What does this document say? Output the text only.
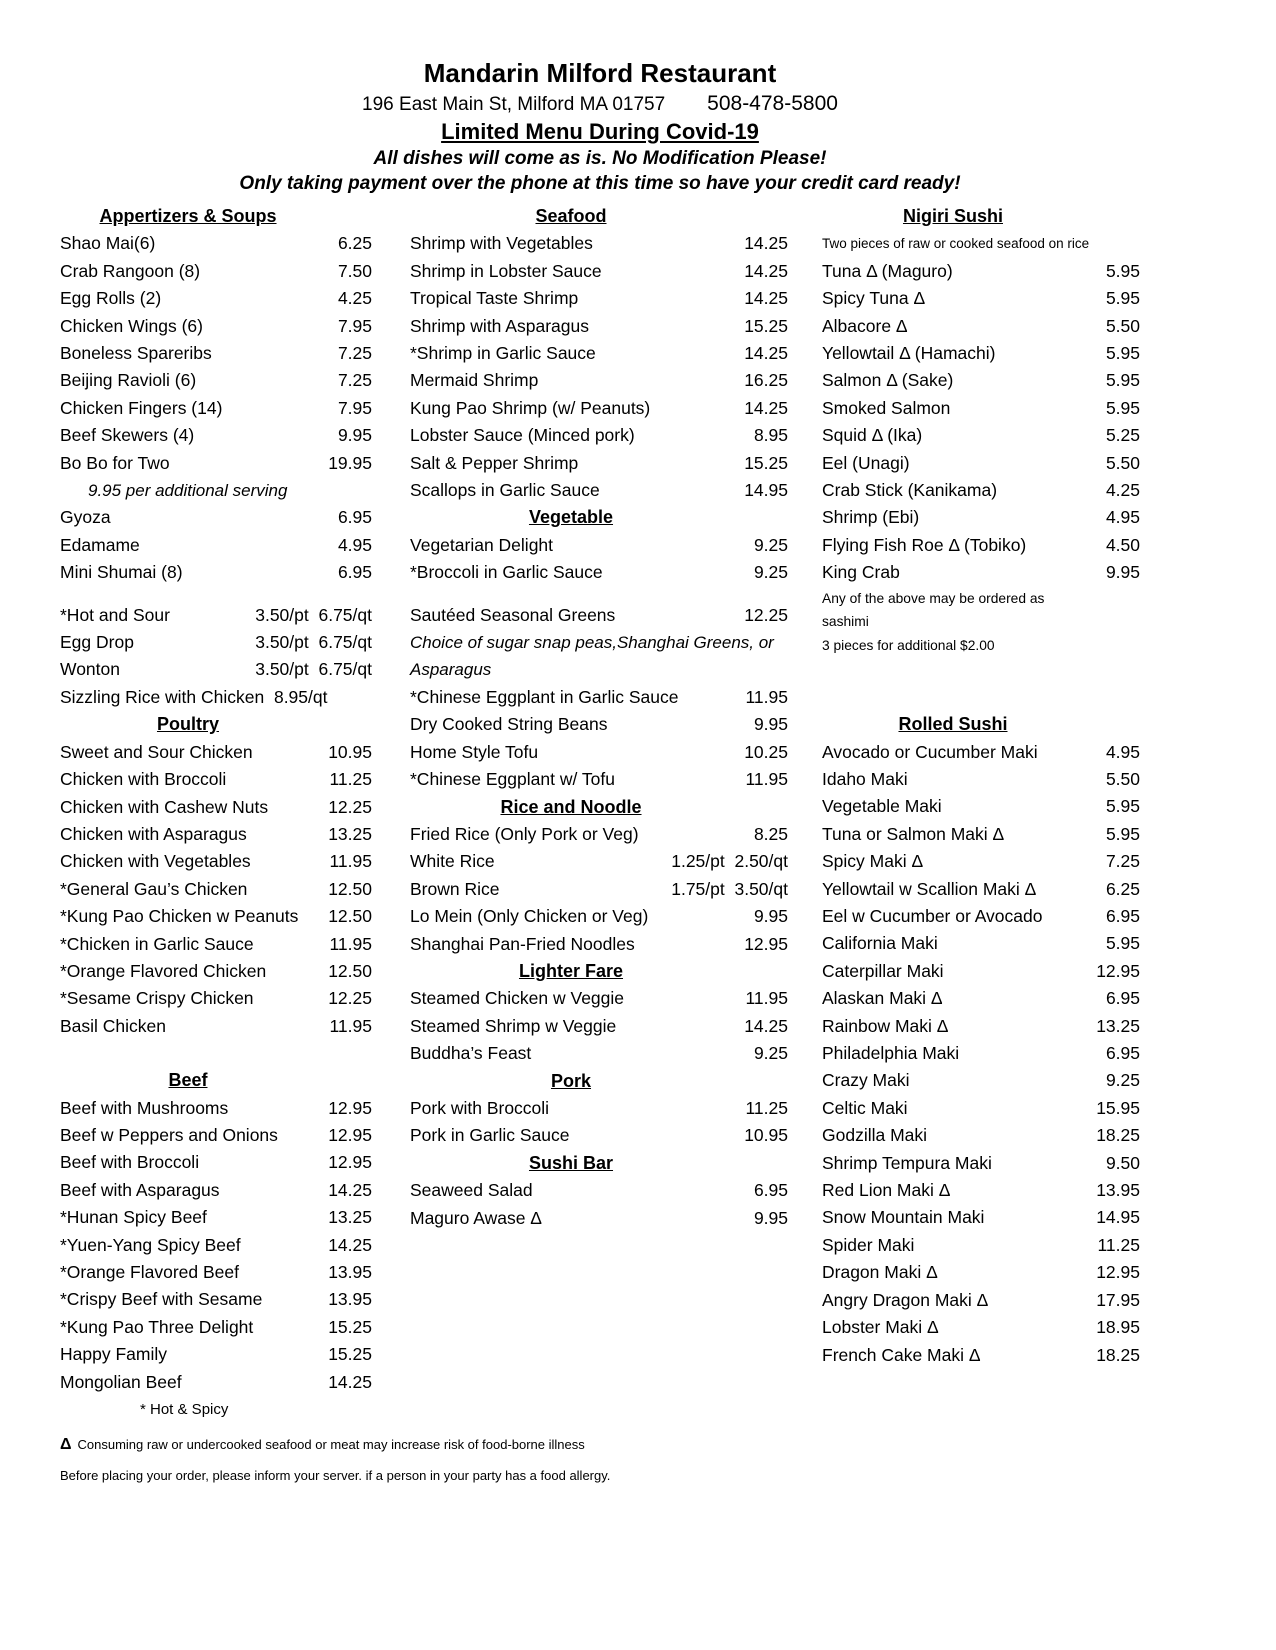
Mandarin Milford Restaurant
196 East Main St, Milford MA 01757 508-478-5800
Limited Menu During Covid-19
All dishes will come as is. No Modification Please!
Only taking payment over the phone at this time so have your credit card ready!
Appertizers & Soups
Shao Mai(6)	6.25
Crab Rangoon (8)	7.50
Egg Rolls (2)	4.25
Chicken Wings (6)	7.95
Boneless Spareribs	7.25
Beijing Ravioli (6)	7.25
Chicken Fingers (14)	7.95
Beef Skewers (4)	9.95
Bo Bo for Two	19.95
9.95 per additional serving
Gyoza	6.95
Edamame	4.95
Mini Shumai (8)	6.95
*Hot and Sour	3.50/pt  6.75/qt
Egg Drop	3.50/pt  6.75/qt
Wonton	3.50/pt  6.75/qt
Sizzling Rice with Chicken  8.95/qt
Poultry
Sweet and Sour Chicken	10.95
Chicken with Broccoli	11.25
Chicken with Cashew Nuts	12.25
Chicken with Asparagus	13.25
Chicken with Vegetables	11.95
*General Gau’s Chicken	12.50
*Kung Pao Chicken w Peanuts 12.50
*Chicken in Garlic Sauce	11.95
*Orange Flavored Chicken	12.50
*Sesame Crispy Chicken	12.25
Basil Chicken	11.95
Beef
Beef with Mushrooms	12.95
Beef w Peppers and Onions	12.95
Beef with Broccoli	12.95
Beef with Asparagus	14.25
*Hunan Spicy Beef	13.25
*Yuen-Yang Spicy Beef	14.25
*Orange Flavored Beef	13.95
*Crispy Beef with Sesame	13.95
*Kung Pao Three Delight	15.25
Happy Family	15.25
Mongolian Beef	14.25
* Hot & Spicy
Seafood
Shrimp with Vegetables	14.25
Shrimp in Lobster Sauce	14.25
Tropical Taste Shrimp	14.25
Shrimp with Asparagus	15.25
*Shrimp in Garlic Sauce	14.25
Mermaid Shrimp	16.25
Kung Pao Shrimp (w/ Peanuts)	14.25
Lobster Sauce (Minced pork)	8.95
Salt & Pepper Shrimp	15.25
Scallops in Garlic Sauce	14.95
Vegetable
Vegetarian Delight	9.25
*Broccoli in Garlic Sauce	9.25
Sautéed Seasonal Greens	12.25
Choice of sugar snap peas,Shanghai Greens, or Asparagus
*Chinese Eggplant in Garlic Sauce	11.95
Dry Cooked String Beans	9.95
Home Style Tofu	10.25
*Chinese Eggplant w/ Tofu	11.95
Rice and Noodle
Fried Rice (Only Pork or Veg)	8.25
White Rice	1.25/pt  2.50/qt
Brown Rice	1.75/pt  3.50/qt
Lo Mein (Only Chicken or Veg)	9.95
Shanghai Pan-Fried Noodles	12.95
Lighter Fare
Steamed Chicken w Veggie	11.95
Steamed Shrimp w Veggie	14.25
Buddha’s Feast	9.25
Pork
Pork with Broccoli	11.25
Pork in Garlic Sauce	10.95
Sushi Bar
Seaweed Salad	6.95
Maguro Awase Δ	9.95
Nigiri Sushi
Two pieces of raw or cooked seafood on rice
Tuna Δ (Maguro)	5.95
Spicy Tuna Δ	5.95
Albacore Δ	5.50
Yellowtail Δ (Hamachi)	5.95
Salmon Δ (Sake)	5.95
Smoked Salmon	5.95
Squid Δ (Ika)	5.25
Eel (Unagi)	5.50
Crab Stick (Kanikama)	4.25
Shrimp (Ebi)	4.95
Flying Fish Roe Δ (Tobiko)	4.50
King Crab	9.95
Any of the above may be ordered as sashimi
3 pieces for additional $2.00
Rolled Sushi
Avocado or Cucumber Maki	4.95
Idaho Maki	5.50
Vegetable Maki	5.95
Tuna or Salmon Maki Δ	5.95
Spicy Maki Δ	7.25
Yellowtail w Scallion Maki Δ	6.25
Eel w Cucumber or Avocado	6.95
California Maki	5.95
Caterpillar Maki	12.95
Alaskan Maki Δ	6.95
Rainbow Maki Δ	13.25
Philadelphia Maki	6.95
Crazy Maki	9.25
Celtic Maki	15.95
Godzilla Maki	18.25
Shrimp Tempura Maki	9.50
Red Lion Maki Δ	13.95
Snow Mountain Maki	14.95
Spider Maki	11.25
Dragon Maki Δ	12.95
Angry Dragon Maki Δ	17.95
Lobster Maki Δ	18.95
French Cake Maki Δ	18.25
Δ Consuming raw or undercooked seafood or meat may increase risk of food-borne illness
Before placing your order, please inform your server. if a person in your party has a food allergy.
